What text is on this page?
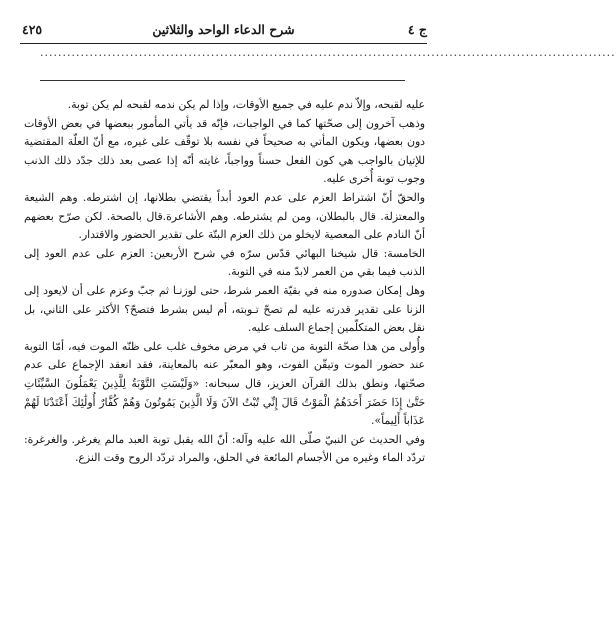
٤٢٥	شرح الدعاء الواحد والثلاثين	ج ٤
................................................................................................................................

عليه لقبحه، وإلاّ ندم عليه في جميع الأوقات، وإذا لم يكن ندمه لقبحه لم يكن توبة.

وذهب آخرون إلى صحّتها كما في الواجبات، فإنّه قد يأتي المأمور ببعضها في بعض الأوقات دون بعضها، ويكون المأتي به صحيحاً في نفسه بلا توقّف على غيره، مع أنّ العلّة المقتضية للإتيان بالواجب هي كون الفعل حسناً وواجباً، غايته أنّه إذا عصى بعد ذلك جدّد ذلك الذنب وجوب توبة أُخرى عليه.

والحقّ أنّ اشتراط العزم على عدم العود أبداً يقتضي بطلانها، إن اشترطه. وهم الشيعة والمعتزلة. قال بالبطلان، ومن لم يشترطه. وهم الأشاعرة.قال بالصحة. لكن صرّح بعضهم أنّ النادم على المعصية لايخلو من ذلك العزم البتّة على تقدير الحضور والاقتدار.

الخامسة: قال شيخنا البهائي قدّس سرّه في شرح الأربعين: العزم على عدم العود إلى الذنب فيما بقي من العمر لابدّ منه في التوبة.

وهل إمكان صدوره منه في بقيّة العمر شرط، حتى لوزنـا ثم جبّ وعزم على أن لايعود إلى الزنا على تقدير قدرته عليه لم تصحّ تـوبته، أم ليس بشرط فتصحّ؟ الأكثر على الثاني، بل نقل بعض المتكلّمين إجماع السلف عليه.

وأُولى من هذا صحّة التوبة من تاب في مرض مخوف غلب على ظنّه الموت فيه، أمّا التوبة عند حضور الموت وتيقّن الفوت، وهو المعبّر عنه بالمعاينة، فقد انعقد الإجماع على عدم صحّتها، ونطق بذلك القرآن العزيز، قال سبحانه: «وَلَيْسَتِ التَّوْبَةُ لِلَّذِينَ يَعْمَلُونَ السَّيِّئَاتِ حَتَّىٰ إِذَا حَضَرَ أَحَدَهُمُ الْمَوْتُ قَالَ إِنِّي تُبْتُ الآنَ وَلَا الَّذِينَ يَمُوتُونَ وَهُمْ كُفَّارٌ أُولَٰئِكَ أَعْتَدْنَا لَهُمْ عَذَاباً أَلِيماً».

وفي الحديث عن النبيّ صلّى الله عليه وآله: أنّ الله يقبل توبة العبد مالم يغرغر. والغرغرة: تردّد الماء وغيره من الأجسام المائعة في الحلق، والمراد تردّد الروح وقت النزع.
